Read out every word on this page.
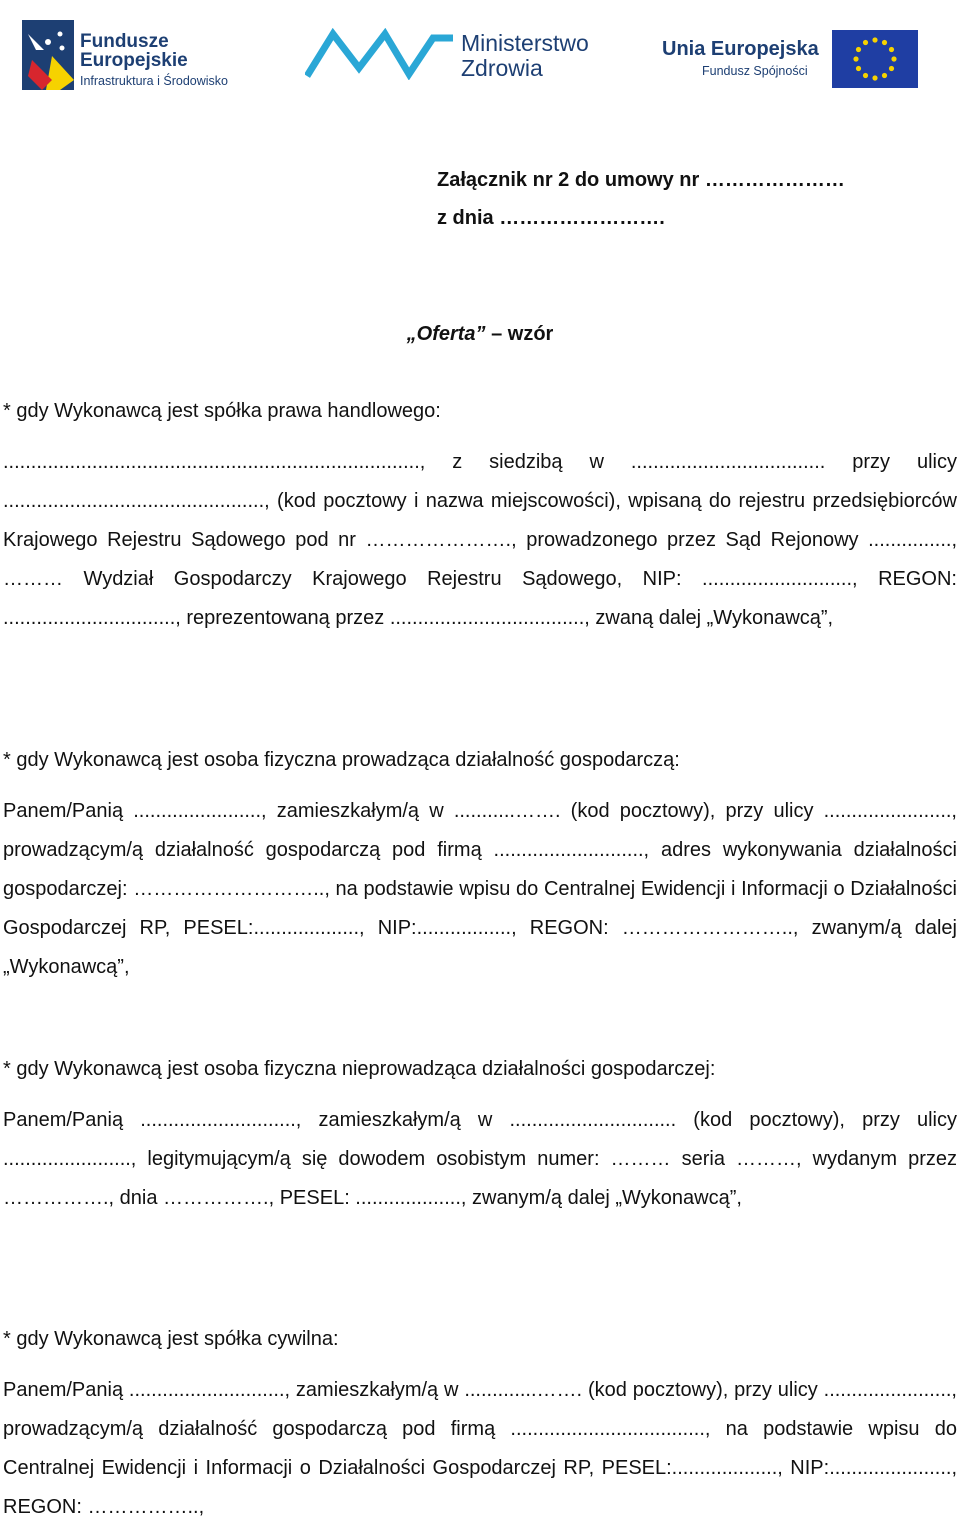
Fundusze
Europejskie
Infrastruktura i Środowisko
Ministerstwo
Zdrowia
Unia Europejska
Fundusz Spójności
Załącznik nr 2 do umowy nr …………………
z dnia …………………….
„Oferta” – wzór
* gdy Wykonawcą jest spółka prawa handlowego:

..........................................................................., z siedzibą w ................................... przy ulicy ..............................................., (kod pocztowy i nazwa miejscowości), wpisaną do rejestru przedsiębiorców Krajowego Rejestru Sądowego pod nr …………………., prowadzonego przez Sąd Rejonowy ..............., ……… Wydział Gospodarczy Krajowego Rejestru Sądowego, NIP: ..........................., REGON: ..............................., reprezentowaną przez ..................................., zwaną dalej „Wykonawcą”,

* gdy Wykonawcą jest osoba fizyczna prowadząca działalność gospodarczą:

Panem/Panią ......................., zamieszkałym/ą w ...........……. (kod pocztowy), przy ulicy ......................., prowadzącym/ą działalność gospodarczą pod firmą ..........................., adres wykonywania działalności gospodarczej: ……………………….., na podstawie wpisu do Centralnej Ewidencji i Informacji o Działalności Gospodarczej RP, PESEL:..................., NIP:................., REGON: …………………….., zwanym/ą dalej „Wykonawcą”,

* gdy Wykonawcą jest osoba fizyczna nieprowadząca działalności gospodarczej:

Panem/Panią ............................, zamieszkałym/ą w .............................. (kod pocztowy), przy ulicy ......................., legitymującym/ą się dowodem osobistym numer: ……… seria ………, wydanym przez ……………., dnia ……………., PESEL: ..................., zwanym/ą dalej „Wykonawcą”,

* gdy Wykonawcą jest spółka cywilna:

Panem/Panią ............................, zamieszkałym/ą w .............……. (kod pocztowy), przy ulicy ......................., prowadzącym/ą działalność gospodarczą pod firmą ..................................., na podstawie wpisu do Centralnej Ewidencji i Informacji o Działalności Gospodarczej RP, PESEL:..................., NIP:......................, REGON: ……………..,
